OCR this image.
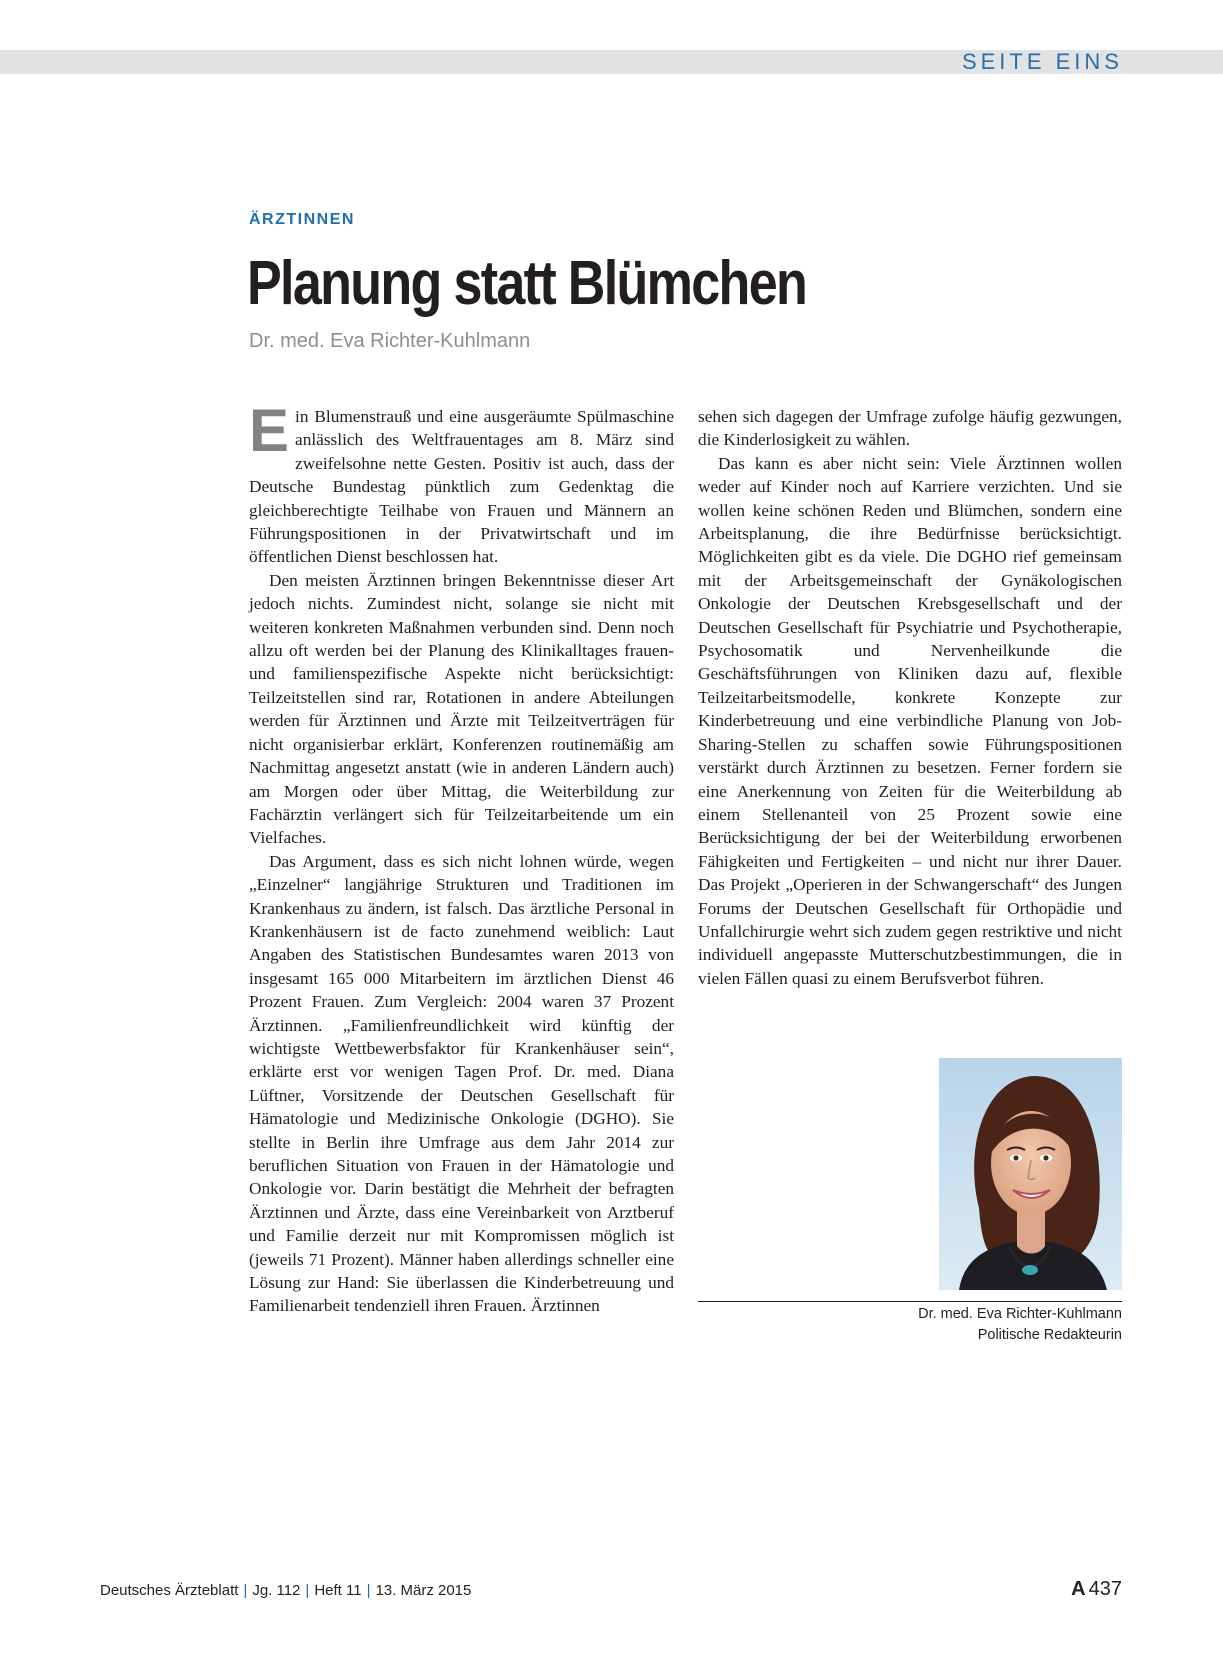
SEITE EINS
ÄRZTINNEN
Planung statt Blümchen
Dr. med. Eva Richter-Kuhlmann

Ein Blumenstrauß und eine ausgeräumte Spülmaschine anlässlich des Weltfrauentages am 8. März sind zweifelsohne nette Gesten. Positiv ist auch, dass der Deutsche Bundestag pünktlich zum Gedenktag die gleichberechtigte Teilhabe von Frauen und Männern an Führungspositionen in der Privatwirtschaft und im öffentlichen Dienst beschlossen hat.

Den meisten Ärztinnen bringen Bekenntnisse dieser Art jedoch nichts. Zumindest nicht, solange sie nicht mit weiteren konkreten Maßnahmen verbunden sind. Denn noch allzu oft werden bei der Planung des Klinikalltages frauen- und familienspezifische Aspekte nicht berücksichtigt: Teilzeitstellen sind rar, Rotationen in andere Abteilungen werden für Ärztinnen und Ärzte mit Teilzeitverträgen für nicht organisierbar erklärt, Konferenzen routinemäßig am Nachmittag angesetzt anstatt (wie in anderen Ländern auch) am Morgen oder über Mittag, die Weiterbildung zur Fachärztin verlängert sich für Teilzeitarbeitende um ein Vielfaches.

Das Argument, dass es sich nicht lohnen würde, wegen „Einzelner“ langjährige Strukturen und Traditionen im Krankenhaus zu ändern, ist falsch. Das ärztliche Personal in Krankenhäusern ist de facto zunehmend weiblich: Laut Angaben des Statistischen Bundesamtes waren 2013 von insgesamt 165 000 Mitarbeitern im ärztlichen Dienst 46 Prozent Frauen. Zum Vergleich: 2004 waren 37 Prozent Ärztinnen. „Familienfreundlichkeit wird künftig der wichtigste Wettbewerbsfaktor für Krankenhäuser sein“, erklärte erst vor wenigen Tagen Prof. Dr. med. Diana Lüftner, Vorsitzende der Deutschen Gesellschaft für Hämatologie und Medizinische Onkologie (DGHO). Sie stellte in Berlin ihre Umfrage aus dem Jahr 2014 zur beruflichen Situation von Frauen in der Hämatologie und Onkologie vor. Darin bestätigt die Mehrheit der befragten Ärztinnen und Ärzte, dass eine Vereinbarkeit von Arztberuf und Familie derzeit nur mit Kompromissen möglich ist (jeweils 71 Prozent). Männer haben allerdings schneller eine Lösung zur Hand: Sie überlassen die Kinderbetreuung und Familienarbeit tendenziell ihren Frauen. Ärztinnen

sehen sich dagegen der Umfrage zufolge häufig gezwungen, die Kinderlosigkeit zu wählen.

Das kann es aber nicht sein: Viele Ärztinnen wollen weder auf Kinder noch auf Karriere verzichten. Und sie wollen keine schönen Reden und Blümchen, sondern eine Arbeitsplanung, die ihre Bedürfnisse berücksichtigt. Möglichkeiten gibt es da viele. Die DGHO rief gemeinsam mit der Arbeitsgemeinschaft der Gynäkologischen Onkologie der Deutschen Krebsgesellschaft und der Deutschen Gesellschaft für Psychiatrie und Psychotherapie, Psychosomatik und Nervenheilkunde die Geschäftsführungen von Kliniken dazu auf, flexible Teilzeitarbeitsmodelle, konkrete Konzepte zur Kinderbetreuung und eine verbindliche Planung von Job-Sharing-Stellen zu schaffen sowie Führungspositionen verstärkt durch Ärztinnen zu besetzen. Ferner fordern sie eine Anerkennung von Zeiten für die Weiterbildung ab einem Stellenanteil von 25 Prozent sowie eine Berücksichtigung der bei der Weiterbildung erworbenen Fähigkeiten und Fertigkeiten – und nicht nur ihrer Dauer. Das Projekt „Operieren in der Schwangerschaft“ des Jungen Forums der Deutschen Gesellschaft für Orthopädie und Unfallchirurgie wehrt sich zudem gegen restriktive und nicht individuell angepasste Mutterschutzbestimmungen, die in vielen Fällen quasi zu einem Berufsverbot führen.

Dr. med. Eva Richter-Kuhlmann
Politische Redakteurin
Deutsches Ärzteblatt | Jg. 112 | Heft 11 | 13. März 2015	A 437
